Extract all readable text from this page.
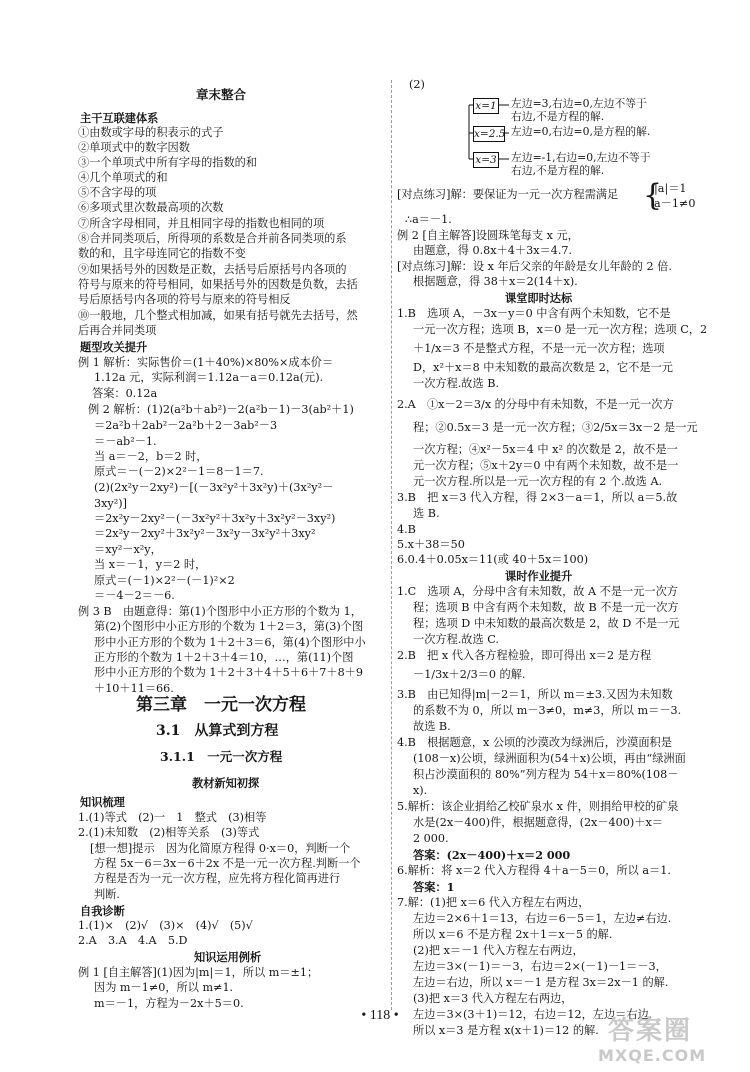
章末整合
主干互联建体系
①由数或字母的积表示的式子
②单项式中的数字因数
③一个单项式中所有字母的指数的和
④几个单项式的和
⑤不含字母的项
⑥多项式里次数最高项的次数
⑦所含字母相同，并且相同字母的指数也相同的项
⑧合并同类项后，所得项的系数是合并前各同类项的系
数的和，且字母连同它的指数不变
⑨如果括号外的因数是正数，去括号后原括号内各项的
符号与原来的符号相同，如果括号外的因数是负数，去括
号后原括号内各项的符号与原来的符号相反
⑩一般地，几个整式相加减，如果有括号就先去括号，然
后再合并同类项
题型攻关提升
例 1 解析：实际售价＝(1＋40%)×80%×成本价＝
1.12a 元，实际利润＝1.12a－a＝0.12a(元).
答案：0.12a
例 2 解析：(1)2(a²b＋ab²)－2(a²b－1)－3(ab²＋1)
＝2a²b＋2ab²－2a²b＋2－3ab²－3
＝－ab²－1.
当 a＝－2，b＝2 时，
原式＝－(－2)×2²－1＝8－1＝7.
(2)(2x²y－2xy²)－[(－3x²y²＋3x²y)＋(3x²y²－
3xy²)]
＝2x²y－2xy²－(－3x²y²＋3x²y＋3x²y²－3xy²)
＝2x²y－2xy²＋3x²y²－3x²y－3x²y²＋3xy²
＝xy²－x²y，
当 x＝－1，y＝2 时，
原式＝(－1)×2²－(－1)²×2
＝－4－2＝－6.
例 3 B　由题意得：第(1)个图形中小正方形的个数为 1，
第(2)个图形中小正方形的个数为 1＋2＝3，第(3)个图
形中小正方形的个数为 1＋2＋3＝6，第(4)个图形中小
正方形的个数为 1＋2＋3＋4＝10，…，第(11)个图
形中小正方形的个数为 1＋2＋3＋4＋5＋6＋7＋8＋9
＋10＋11＝66.
第三章　一元一次方程
3.1　从算式到方程
3.1.1　一元一次方程
教材新知初探
知识梳理
1.(1)等式　(2)一　1　整式　(3)相等
2.(1)未知数　(2)相等关系　(3)等式
[想一想]提示　因为化简原方程得 0·x＝0，判断一个
方程 5x－6＝3x－6＋2x 不是一元一次方程.判断一个
方程是否为一元一次方程，应先将方程化简再进行
判断.
自我诊断
1.(1)×　(2)√　(3)×　(4)√　(5)√
2.A　3.A　4.A　5.D
知识运用例析
例 1 [自主解答](1)因为|m|＝1，所以 m＝±1；
因为 m－1≠0，所以 m≠1.
m＝－1，方程为－2x＋5＝0.
x=1 左边=3,右边=0,左边不等于
右边,不是方程的解.
x=2.5 左边=0,右边=0,是方程的解.
x=3 左边=-1,右边=0,左边不等于
右边,不是方程的解.
(2)
[对点练习]解：要保证为一元一次方程需满足	|a|＝1
a－1≠0
∴a＝－1.
例 2 [自主解答]设圆珠笔每支 x 元，
由题意，得 0.8x＋4＋3x＝4.7.
[对点练习]解：设 x 年后父亲的年龄是女儿年龄的 2 倍.
根据题意，得 38＋x＝2(14＋x).
课堂即时达标
1.B　选项 A，－3x－y＝0 中含有两个未知数，它不是
一元一次方程；选项 B，x＝0 是一元一次方程；选项 C，2
＋1/x＝3 不是整式方程，不是一元一次方程；选项
D，x²＋x＝8 中未知数的最高次数是 2，它不是一元
一次方程.故选 B.
2.A　①x－2＝3/x 的分母中有未知数，不是一元一次方
程；②0.5x＝3 是一元一次方程；③2/5x＝3x－2 是一元
一次方程；④x²－5x＝4 中 x² 的次数是 2，故不是一
元一次方程；⑤x＋2y＝0 中有两个未知数，故不是一
元一次方程.所以是一元一次方程的有 2 个.故选 A.
3.B　把 x＝3 代入方程，得 2×3－a＝1，所以 a＝5.故
选 B.
4.B
5.x＋38＝50
6.0.4＋0.05x＝11(或 40＋5x＝100)
课时作业提升
1.C　选项 A，分母中含有未知数，故 A 不是一元一次方
程；选项 B 中含有两个未知数，故 B 不是一元一次方
程；选项 D 中未知数的最高次数是 2，故 D 不是一元
一次方程.故选 C.
2.B　把 x 代入各方程检验，即可得出 x＝2 是方程
－1/3x＋2/3＝0 的解.
3.B　由已知得|m|－2＝1，所以 m＝±3.又因为未知数
的系数不为 0，所以 m－3≠0，m≠3，所以 m＝－3.
故选 B.
4.B　根据题意，x 公顷的沙漠改为绿洲后，沙漠面积是
(108－x)公顷，绿洲面积为(54＋x)公顷，再由“绿洲面
积占沙漠面积的 80%”列方程为 54＋x＝80%(108－
x).
5.解析：该企业捐给乙校矿泉水 x 件，则捐给甲校的矿泉
水是(2x－400)件，根据题意得，(2x－400)＋x＝
2 000.
答案：(2x－400)＋x＝2 000
6.解析：将 x＝2 代入方程得 4＋a－5＝0，所以 a＝1.
答案：1
7.解：(1)把 x＝6 代入方程左右两边，
左边＝2×6＋1＝13，右边＝6－5＝1，左边≠右边.
所以 x＝6 不是方程 2x＋1＝x－5 的解.
(2)把 x＝－1 代入方程左右两边，
左边＝3×(－1)＝－3，右边＝2×(－1)－1＝－3，
左边＝右边，所以 x＝－1 是方程 3x＝2x－1 的解.
(3)把 x＝3 代入方程左右两边，
左边＝3×(3＋1)＝12，右边＝12，左边＝右边.
所以 x＝3 是方程 x(x＋1)＝12 的解.
{
• 118 •
答案圈
MXQE.COM
